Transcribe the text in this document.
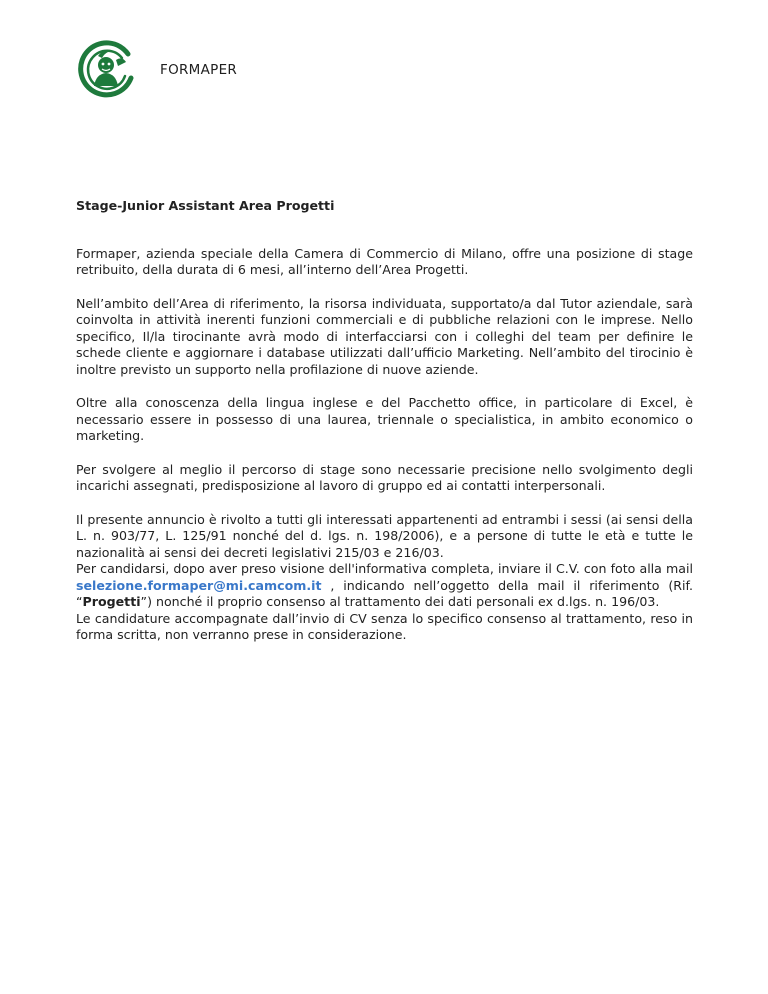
FORMAPER
Stage-Junior Assistant Area Progetti

Formaper, azienda speciale della Camera di Commercio di Milano, offre una posizione di stage retribuito, della durata di 6 mesi, all’interno dell’Area Progetti.

Nell’ambito dell’Area di riferimento, la risorsa individuata, supportato/a dal Tutor aziendale, sarà coinvolta in attività inerenti funzioni commerciali e di pubbliche relazioni con le imprese. Nello specifico, Il/la tirocinante avrà modo di interfacciarsi con i colleghi del team per definire le schede cliente e aggiornare i database utilizzati dall’ufficio Marketing. Nell’ambito del tirocinio è inoltre previsto un supporto nella profilazione di nuove aziende.

Oltre alla conoscenza della lingua inglese e del Pacchetto office, in particolare di Excel, è necessario essere in possesso di una laurea, triennale o specialistica, in ambito economico o marketing.

Per svolgere al meglio il percorso di stage sono necessarie precisione nello svolgimento degli incarichi assegnati, predisposizione al lavoro di gruppo ed ai contatti interpersonali.

Il presente annuncio è rivolto a tutti gli interessati appartenenti ad entrambi i sessi (ai sensi della L. n. 903/77, L. 125/91 nonché del d. lgs. n. 198/2006), e a persone di tutte le età e tutte le nazionalità ai sensi dei decreti legislativi 215/03 e 216/03.
Per candidarsi, dopo aver preso visione dell'informativa completa, inviare il C.V. con foto alla mail selezione.formaper@mi.camcom.it , indicando nell’oggetto della mail il riferimento (Rif. “Progetti”) nonché il proprio consenso al trattamento dei dati personali ex d.lgs. n. 196/03.
Le candidature accompagnate dall’invio di CV senza lo specifico consenso al trattamento, reso in forma scritta, non verranno prese in considerazione.
